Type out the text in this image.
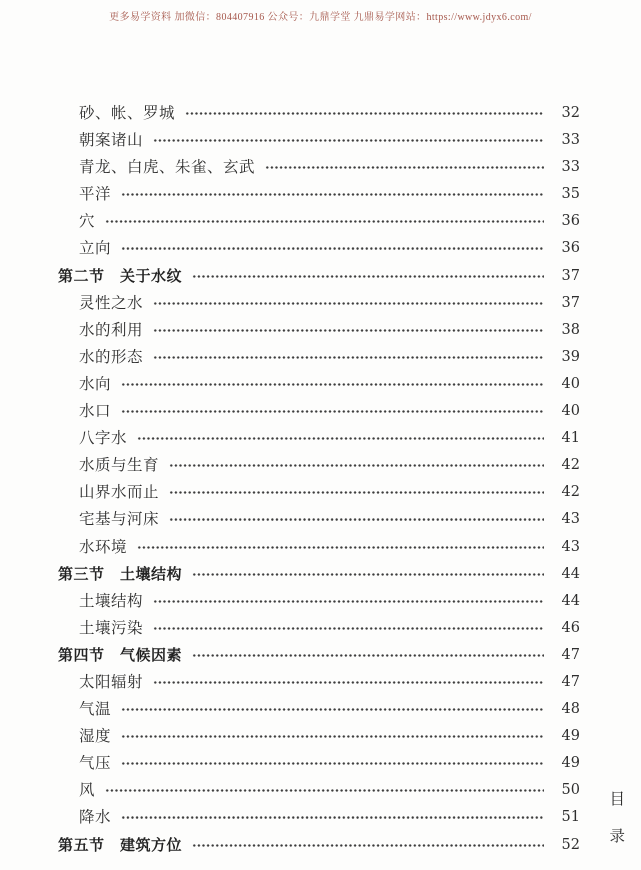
更多易学资料 加微信：804407916 公众号：九鼎学堂 九鼎易学网站：https://www.jdyx6.com/
砂、帐、罗城	32
朝案诸山	33
青龙、白虎、朱雀、玄武	33
平洋	35
穴	36
立向	36
第二节　关于水纹	37
灵性之水	37
水的利用	38
水的形态	39
水向	40
水口	40
八字水	41
水质与生育	42
山界水而止	42
宅基与河床	43
水环境	43
第三节　土壤结构	44
土壤结构	44
土壤污染	46
第四节　气候因素	47
太阳辐射	47
气温	48
湿度	49
气压	49
风	50
降水	51
第五节　建筑方位	52
目
录
